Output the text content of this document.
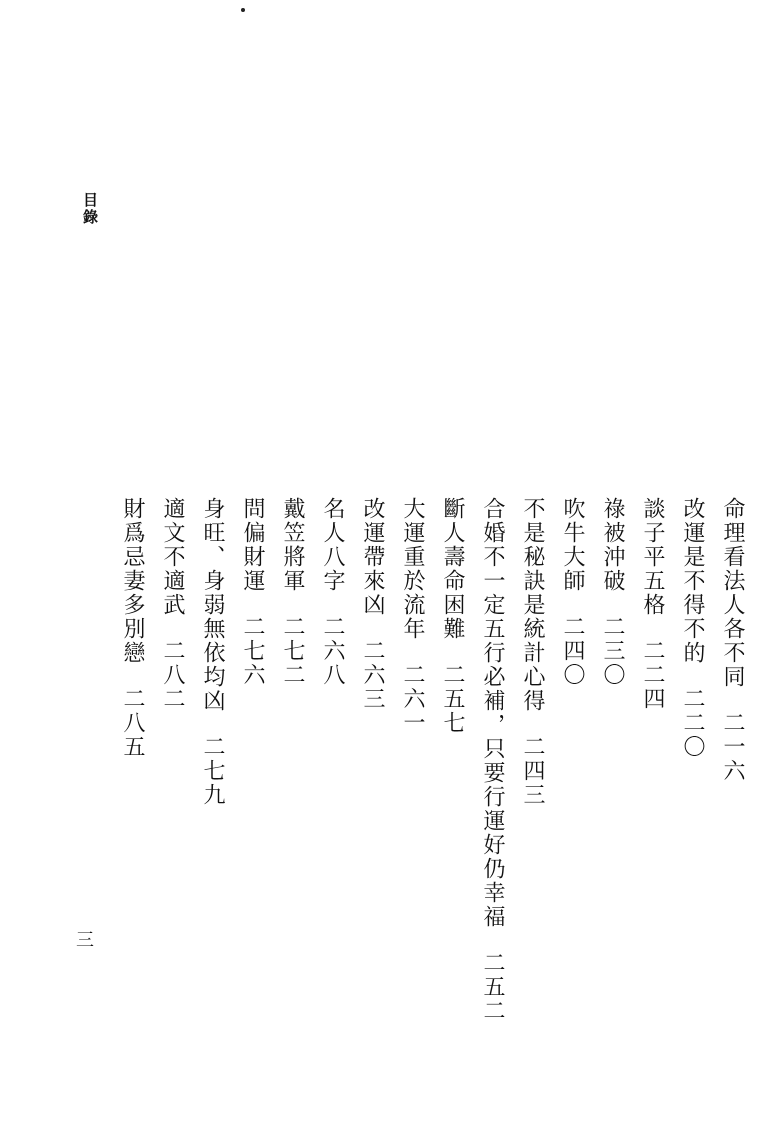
目錄
命理看法人各不同二一六
改運是不得不的二二〇
談子平五格二二四
祿被沖破二三〇
吹牛大師二四〇
不是秘訣是統計心得二四三
合婚不一定五行必補，只要行運好仍幸福二五二
斷人壽命困難二五七
大運重於流年二六一
改運帶來凶二六三
名人八字二六八
戴笠將軍二七二
問偏財運二七六
身旺、身弱無依均凶二七九
適文不適武二八二
財爲忌妻多別戀二八五
三
